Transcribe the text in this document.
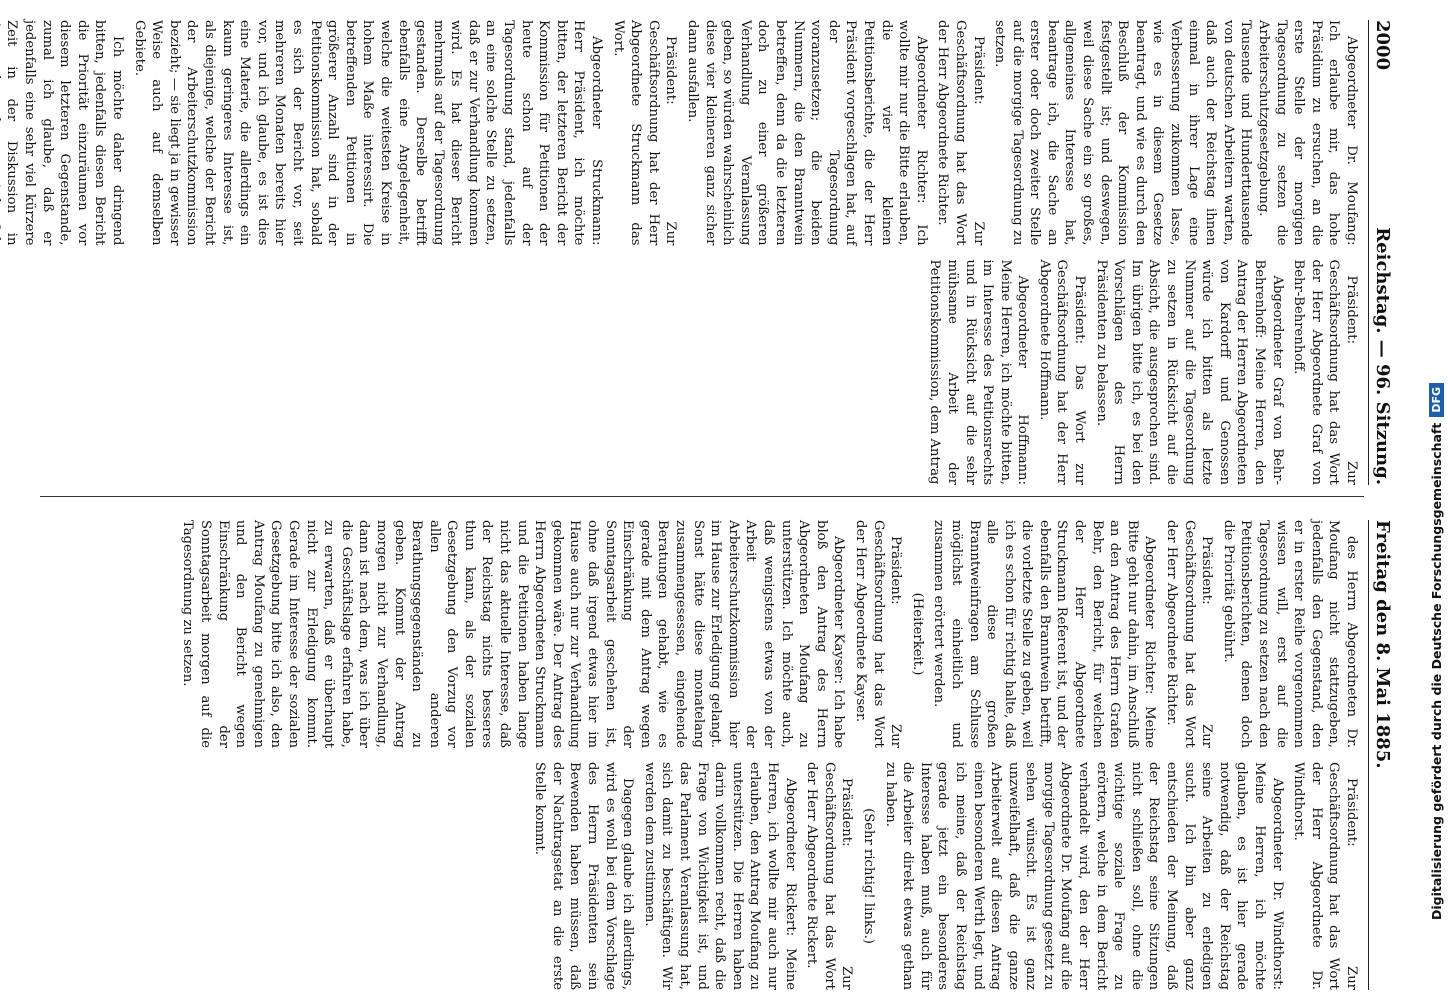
2000
Reichstag. — 96. Sitzung.

Abgeordneter Dr. Moufang: Ich erlaube mir, das hohe Präsidium zu ersuchen, an die erste Stelle der morgigen Tagesordnung zu setzen die Arbeiterschutzgesetzgebung. Tausende und Hunderttausende von deutschen Arbeitern warten, daß auch der Reichstag ihnen einmal in ihrer Lage eine Verbesserung zukommen lasse, wie es in diesem Gesetze beantragt, und wie es durch den Beschluß der Kommission festgestellt ist; und deswegen, weil diese Sache ein so großes, allgemeines Interesse hat, beantrage ich, die Sache an erster oder doch zweiter Stelle auf die morgige Tagesordnung zu setzen.

Präsident: Zur Geschäftsordnung hat das Wort der Herr Abgeordnete Richter.

Abgeordneter Richter: Ich wollte mir nur die Bitte erlauben, die vier kleinen Petitionsberichte, die der Herr Präsident vorgeschlagen hat, auf der Tagesordnung voranzusetzen; die beiden Nummern, die den Branntwein betreffen, denn da die letzteren doch zu einer größeren Verhandlung Veranlassung geben, so würden wahrscheinlich diese vier kleineren ganz sicher dann ausfallen.

Präsident: Zur Geschäftsordnung hat der Herr Abgeordnete Struckmann das Wort.

Abgeordneter Struckmann: Herr Präsident, ich möchte bitten, der letzteren Bericht der Kommission für Petitionen der heute schon auf der Tagesordnung stand, jedenfalls an eine solche Stelle zu setzen, daß er zur Verhandlung kommen wird. Es hat dieser Bericht mehrmals auf der Tagesordnung gestanden. Derselbe betrifft ebenfalls eine Angelegenheit, welche die weitesten Kreise in hohem Maße interessirt. Die betreffenden Petitionen in größerer Anzahl sind in der Petitionskommission hat, sobald es sich der Bericht vor, seit mehreren Monaten bereits hier vor, und ich glaube, es ist dies eine Materie, die allerdings ein kaum geringeres Interesse ist, als diejenige, welche der Bericht der Arbeiterschutzkommission bezieht; — sie liegt ja in gewisser Weise auch auf demselben Gebiete.

Ich möchte daher dringend bitten, jedenfalls diesen Bericht die Priorität einzuräumen vor diesem letzteren Gegenstande, zumal ich glaube, daß er jedenfalls eine sehr viel kürzere Zeit in der Diskussion in

Präsident: Zur Geschäftsordnung hat das Wort der Herr Abgeordnete Graf von Behr-Behrenhoff.

Abgeordneter Graf von Behr-Behrenhoff: Meine Herren, den Antrag der Herren Abgeordneten von Kardorff und Genossen würde ich bitten als letzte Nummer auf die Tagesordnung zu setzen in Rücksicht auf die Absicht, die ausgesprochen sind. Im übrigen bitte ich, es bei den Vorschlägen des Herrn Präsidenten zu belassen.

Präsident: Das Wort zur Geschäftsordnung hat der Herr Abgeordnete Hoffmann.

Abgeordneter Hoffmann: Meine Herren, ich möchte bitten, im Interesse des Petitionsrechts und in Rücksicht auf die sehr mühsame Arbeit der Petitionskommission, dem Antrag

Freitag den 8. Mai 1885.

des Herrn Abgeordneten Dr. Moufang nicht stattzugeben, jedenfalls den Gegenstand, den er in erster Reihe vorgenommen wissen will, erst auf die Tagesordnung zu setzen nach den Petitionsberichten, denen doch die Priorität gebührt.

Präsident: Zur Geschäftsordnung hat das Wort der Herr Abgeordnete Richter.

Abgeordneter Richter: Meine Bitte geht nur dahin, im Anschluß an den Antrag des Herrn Grafen Behr, den Bericht, für welchen der Herr Abgeordnete Struckmann Referent ist, und der ebenfalls den Branntwein betrifft, die vorletzte Stelle zu geben, weil ich es schon für richtig halte, daß alle diese großen Branntweinfragen am Schlusse möglichst einheitlich und zusammen erörtert werden.

(Heiterkeit.)

Präsident: Zur Geschäftsordnung hat das Wort der Herr Abgeordnete Kayser.

Abgeordneter Kayser: Ich habe bloß den Antrag des Herrn Abgeordneten Moufang zu unterstützen. Ich möchte auch, daß wenigstens etwas von der Arbeit der Arbeiterschutzkommission hier im Hause zur Erledigung gelangt. Sonst hätte diese monatelang zusammengesessen, eingehende Beratungen gehabt, wie es gerade mit dem Antrag wegen Einschränkung der Sonntagsarbeit geschehen ist, ohne daß irgend etwas hier im Hause auch nur zur Verhandlung gekommen wäre. Der Antrag des Herrn Abgeordneten Struckmann und die Petitionen haben lange nicht das aktuelle Interesse, daß der Reichstag nichts besseres thun kann, als der sozialen Gesetzgebung den Vorzug vor allen anderen Berathungsgegenständen zu geben. Kommt der Antrag morgen nicht zur Verhandlung, dann ist nach dem, was ich über die Geschäftslage erfahren habe, zu erwarten, daß er überhaupt nicht zur Erledigung kommt. Gerade im Interesse der sozialen Gesetzgebung bitte ich also, den Antrag Moufang zu genehmigen und den Bericht wegen Einschränkung der Sonntagsarbeit morgen auf die Tagesordnung zu setzen.

Präsident: Zur Geschäftsordnung hat das Wort der Herr Abgeordnete Dr. Windthorst.

Abgeordneter Dr. Windthorst: Meine Herren, ich möchte glauben, es ist hier gerade notwendig, daß der Reichstag seine Arbeiten zu erledigen sucht. Ich bin aber ganz entschieden der Meinung, daß der Reichstag seine Sitzungen nicht schließen soll, ohne die wichtige soziale Frage zu erörtern, welche in dem Bericht verhandelt wird, den der Herr Abgeordnete Dr. Moufang auf die morgige Tagesordnung gesetzt zu sehen wünscht. Es ist ganz unzweifelhaft, daß die ganze Arbeiterwelt auf diesen Antrag einen besonderen Werth legt, und ich meine, daß der Reichstag gerade jetzt ein besonderes Interesse haben muß, auch für die Arbeiter direkt etwas gethan zu haben.

(Sehr richtig! links.)

Präsident: Zur Geschäftsordnung hat das Wort der Herr Abgeordnete Rickert.

Abgeordneter Rickert: Meine Herren, ich wollte mir auch nur erlauben, den Antrag Moufang zu unterstützen. Die Herren haben darin vollkommen recht, daß die Frage von Wichtigkeit ist, und das Parlament Veranlassung hat, sich damit zu beschäftigen. Wir werden dem zustimmen.

Dagegen glaube ich allerdings, wird es wohl bei dem Vorschlage des Herrn Präsidenten sein Bewenden haben müssen, daß der Nachtragsetat an die erste Stelle kommt.	Digitalisierung gefördert durch die Deutsche Forschungsgemeinschaft
DFG
